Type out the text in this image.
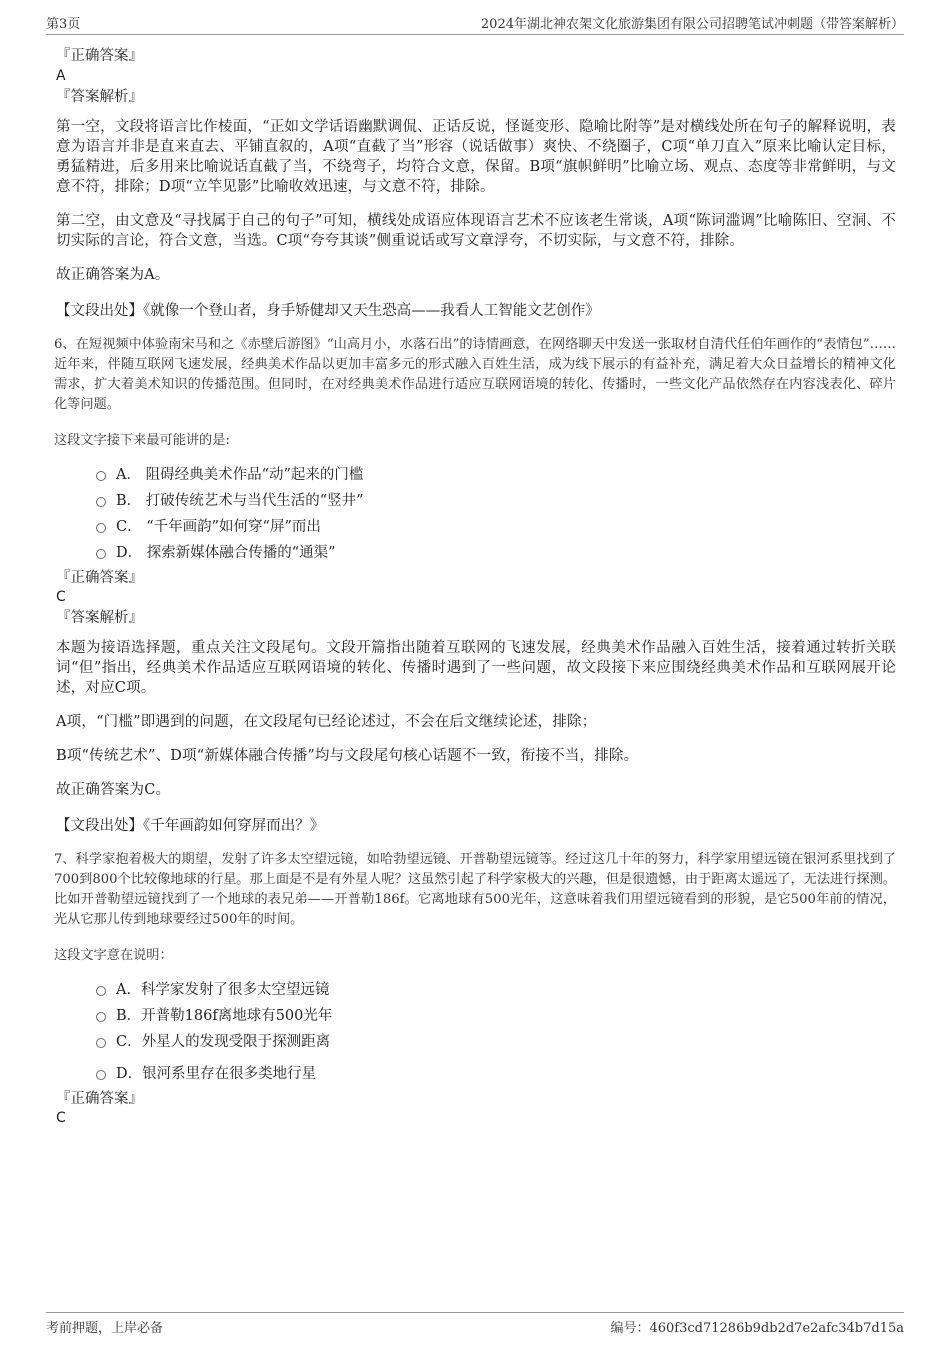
第3页	2024年湖北神农架文化旅游集团有限公司招聘笔试冲刺题（带答案解析）
『正确答案』
A
『答案解析』

第一空，文段将语言比作棱面，“正如文学话语幽默调侃、正话反说，怪诞变形、隐喻比附等”是对横线处所在句子的解释说明，表意为语言并非是直来直去、平铺直叙的，A项“直截了当”形容（说话做事）爽快、不绕圈子，C项“单刀直入”原来比喻认定目标，勇猛精进，后多用来比喻说话直截了当，不绕弯子，均符合文意，保留。B项“旗帜鲜明”比喻立场、观点、态度等非常鲜明，与文意不符，排除；D项“立竿见影”比喻收效迅速，与文意不符，排除。

第二空，由文意及“寻找属于自己的句子”可知，横线处成语应体现语言艺术不应该老生常谈，A项“陈词滥调”比喻陈旧、空洞、不切实际的言论，符合文意，当选。C项“夸夸其谈”侧重说话或写文章浮夸，不切实际，与文意不符，排除。

故正确答案为A。

【文段出处】《就像一个登山者，身手矫健却又天生恐高——我看人工智能文艺创作》

6、在短视频中体验南宋马和之《赤壁后游图》“山高月小，水落石出”的诗情画意，在网络聊天中发送一张取材自清代任伯年画作的“表情包”……近年来，伴随互联网飞速发展，经典美术作品以更加丰富多元的形式融入百姓生活，成为线下展示的有益补充，满足着大众日益增长的精神文化需求，扩大着美术知识的传播范围。但同时，在对经典美术作品进行适应互联网语境的转化、传播时，一些文化产品依然存在内容浅表化、碎片化等问题。

这段文字接下来最可能讲的是:
A． 阻碍经典美术作品“动”起来的门槛
B． 打破传统艺术与当代生活的“竖井”
C． “千年画韵”如何穿“屏”而出
D． 探索新媒体融合传播的“通渠”
『正确答案』
C
『答案解析』

本题为接语选择题，重点关注文段尾句。文段开篇指出随着互联网的飞速发展，经典美术作品融入百姓生活，接着通过转折关联词“但”指出，经典美术作品适应互联网语境的转化、传播时遇到了一些问题，故文段接下来应围绕经典美术作品和互联网展开论述，对应C项。

A项，“门槛”即遇到的问题，在文段尾句已经论述过，不会在后文继续论述，排除；

B项“传统艺术”、D项“新媒体融合传播”均与文段尾句核心话题不一致，衔接不当，排除。

故正确答案为C。

【文段出处】《千年画韵如何穿屏而出？》

7、科学家抱着极大的期望，发射了许多太空望远镜，如哈勃望远镜、开普勒望远镜等。经过这几十年的努力，科学家用望远镜在银河系里找到了700到800个比较像地球的行星。那上面是不是有外星人呢？这虽然引起了科学家极大的兴趣，但是很遗憾，由于距离太遥远了，无法进行探测。比如开普勒望远镜找到了一个地球的表兄弟——开普勒186f。它离地球有500光年，这意味着我们用望远镜看到的形貌，是它500年前的情况，光从它那儿传到地球要经过500年的时间。

这段文字意在说明：
A．科学家发射了很多太空望远镜
B．开普勒186f离地球有500光年
C．外星人的发现受限于探测距离
D．银河系里存在很多类地行星
『正确答案』
C
考前押题，上岸必备	编号：460f3cd71286b9db2d7e2afc34b7d15a
